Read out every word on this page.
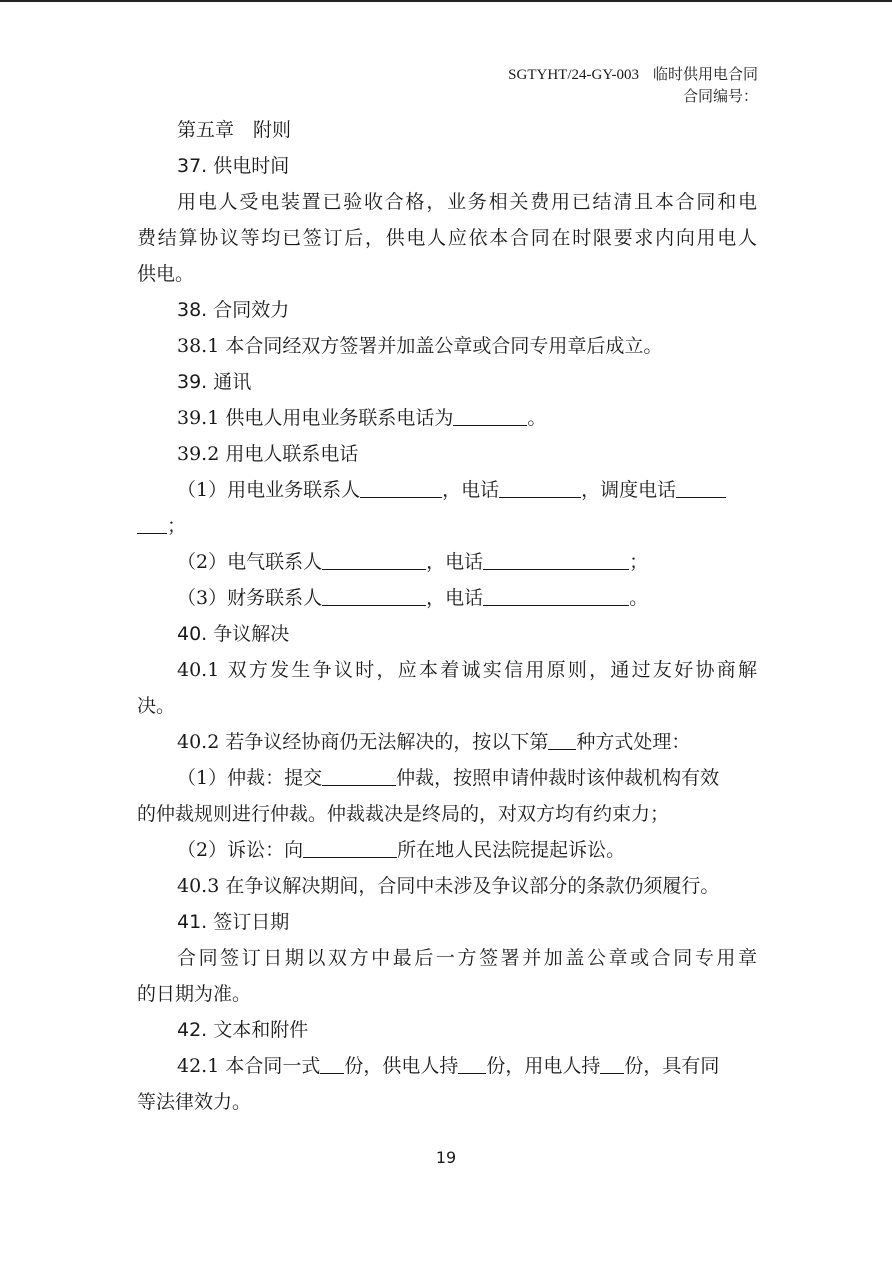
SGTYHT/24-GY-003 临时供用电合同
合同编号：
第五章　附则
37. 供电时间
用电人受电装置已验收合格，业务相关费用已结清且本合同和电
费结算协议等均已签订后，供电人应依本合同在时限要求内向用电人
供电。
38. 合同效力
38.1 本合同经双方签署并加盖公章或合同专用章后成立。
39. 通讯
39.1 供电人用电业务联系电话为	。
39.2 用电人联系电话
（1）用电业务联系人	，电话	，调度电话
；
（2）电气联系人	，电话	；
（3）财务联系人	，电话	。
40. 争议解决
40.1 双方发生争议时，应本着诚实信用原则，通过友好协商解
决。
40.2 若争议经协商仍无法解决的，按以下第 种方式处理：
（1）仲裁：提交	仲裁，按照申请仲裁时该仲裁机构有效
的仲裁规则进行仲裁。仲裁裁决是终局的，对双方均有约束力；
（2）诉讼：向	所在地人民法院提起诉讼。
40.3 在争议解决期间，合同中未涉及争议部分的条款仍须履行。
41. 签订日期
合同签订日期以双方中最后一方签署并加盖公章或合同专用章
的日期为准。
42. 文本和附件
42.1 本合同一式 份，供电人持 份，用电人持 份，具有同
等法律效力。
19
